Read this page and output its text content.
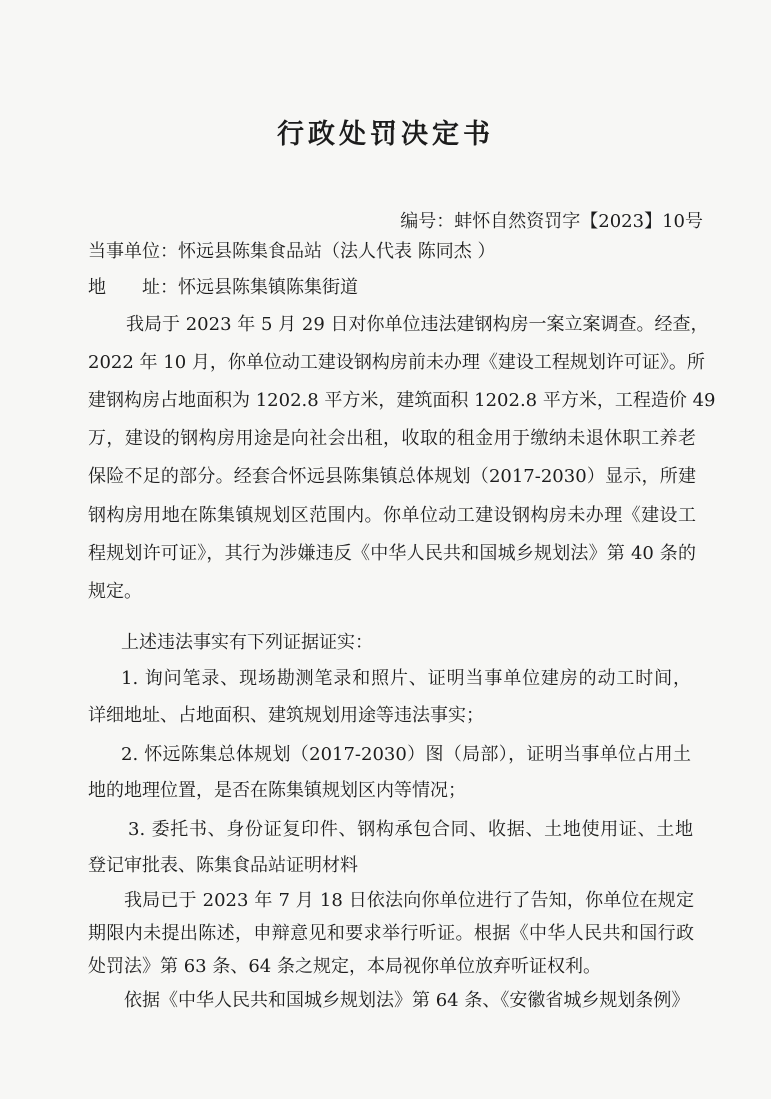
行政处罚决定书
编号：蚌怀自然资罚字【2023】10号
当事单位：怀远县陈集食品站（法人代表 陈同杰 ）
地　　址：怀远县陈集镇陈集街道
我局于 2023 年 5 月 29 日对你单位违法建钢构房一案立案调查。经查，
2022 年 10 月，你单位动工建设钢构房前未办理《建设工程规划许可证》。所
建钢构房占地面积为 1202.8 平方米，建筑面积 1202.8 平方米，工程造价 49
万，建设的钢构房用途是向社会出租，收取的租金用于缴纳未退休职工养老
保险不足的部分。经套合怀远县陈集镇总体规划（2017-2030）显示，所建
钢构房用地在陈集镇规划区范围内。你单位动工建设钢构房未办理《建设工
程规划许可证》，其行为涉嫌违反《中华人民共和国城乡规划法》第 40 条的
规定。
上述违法事实有下列证据证实：
1. 询问笔录、现场勘测笔录和照片、证明当事单位建房的动工时间，
详细地址、占地面积、建筑规划用途等违法事实；
2. 怀远陈集总体规划（2017-2030）图（局部），证明当事单位占用土
地的地理位置，是否在陈集镇规划区内等情况；
3. 委托书、身份证复印件、钢构承包合同、收据、土地使用证、土地
登记审批表、陈集食品站证明材料
我局已于 2023 年 7 月 18 日依法向你单位进行了告知，你单位在规定
期限内未提出陈述，申辩意见和要求举行听证。根据《中华人民共和国行政
处罚法》第 63 条、64 条之规定，本局视你单位放弃听证权利。
依据《中华人民共和国城乡规划法》第 64 条、《安徽省城乡规划条例》
